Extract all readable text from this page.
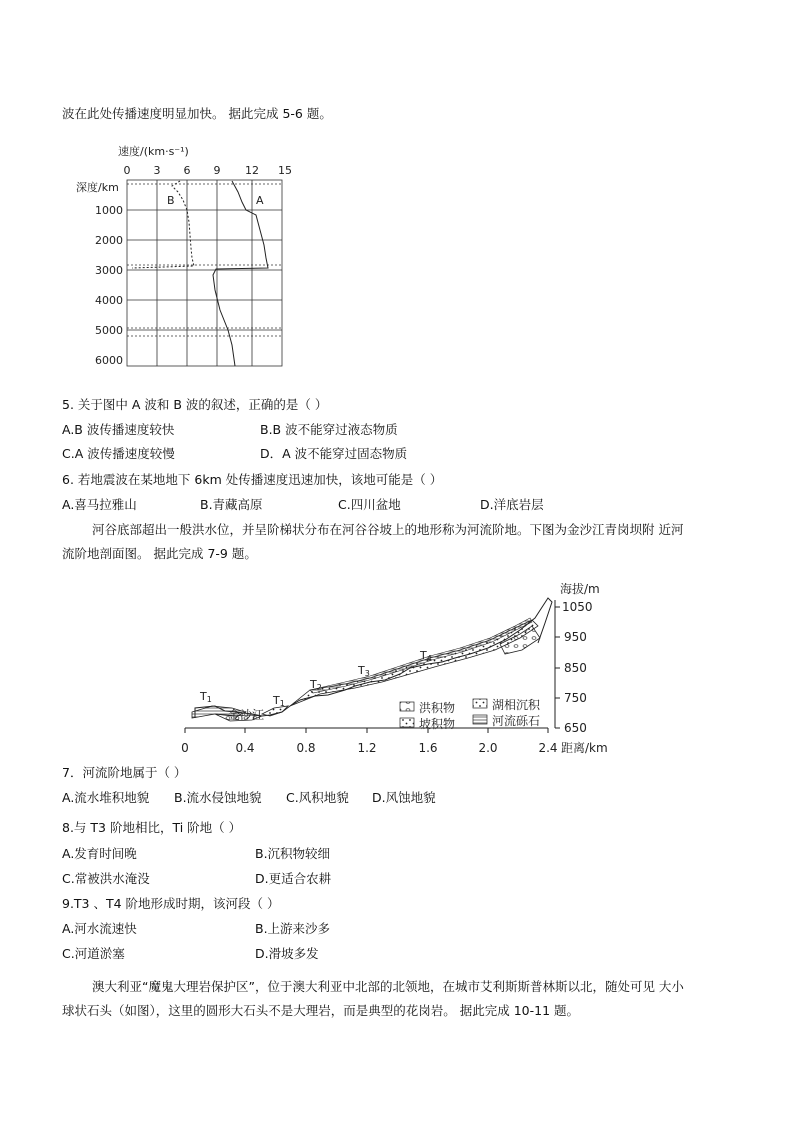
波在此处传播速度明显加快。 据此完成 5-6 题。
速度/(km·s⁻¹)
0 3 6 9 12 15
深度/km
1000
2000
3000
4000
5000
6000
B	A
5. 关于图中 A 波和 B 波的叙述，正确的是（ ）
A.B 波传播速度较快	B.B 波不能穿过液态物质
C.A 波传播速度较慢	D．A 波不能穿过固态物质
6. 若地震波在某地地下 6km 处传播速度迅速加快，该地可能是（ ）
A.喜马拉雅山	B.青藏高原	C.四川盆地	D.洋底岩层
河谷底部超出一般洪水位，并呈阶梯状分布在河谷谷坡上的地形称为河流阶地。下图为金沙江青岗坝附 近河
流阶地剖面图。 据此完成 7-9 题。
0	0.4	0.8	1.2	1.6	2.0	2.4 距离/km
1050
950
850
750
650
海拔/m
T1	T1
T2
T3
T4
金沙江	洪积物	湖相沉积
坡积物	河流砾石
7．河流阶地属于（ ）
A.流水堆积地貌 B.流水侵蚀地貌 C.风积地貌 D.风蚀地貌
8.与 T3 阶地相比，Ti 阶地（ ）
A.发育时间晚	B.沉积物较细
C.常被洪水淹没	D.更适合农耕
9.T3 、T4 阶地形成时期，该河段（ ）
A.河水流速快	B.上游来沙多
C.河道淤塞	D.滑坡多发
澳大利亚“魔鬼大理岩保护区”，位于澳大利亚中北部的北领地，在城市艾利斯斯普林斯以北，随处可见 大小
球状石头（如图），这里的圆形大石头不是大理岩，而是典型的花岗岩。 据此完成 10-11 题。
